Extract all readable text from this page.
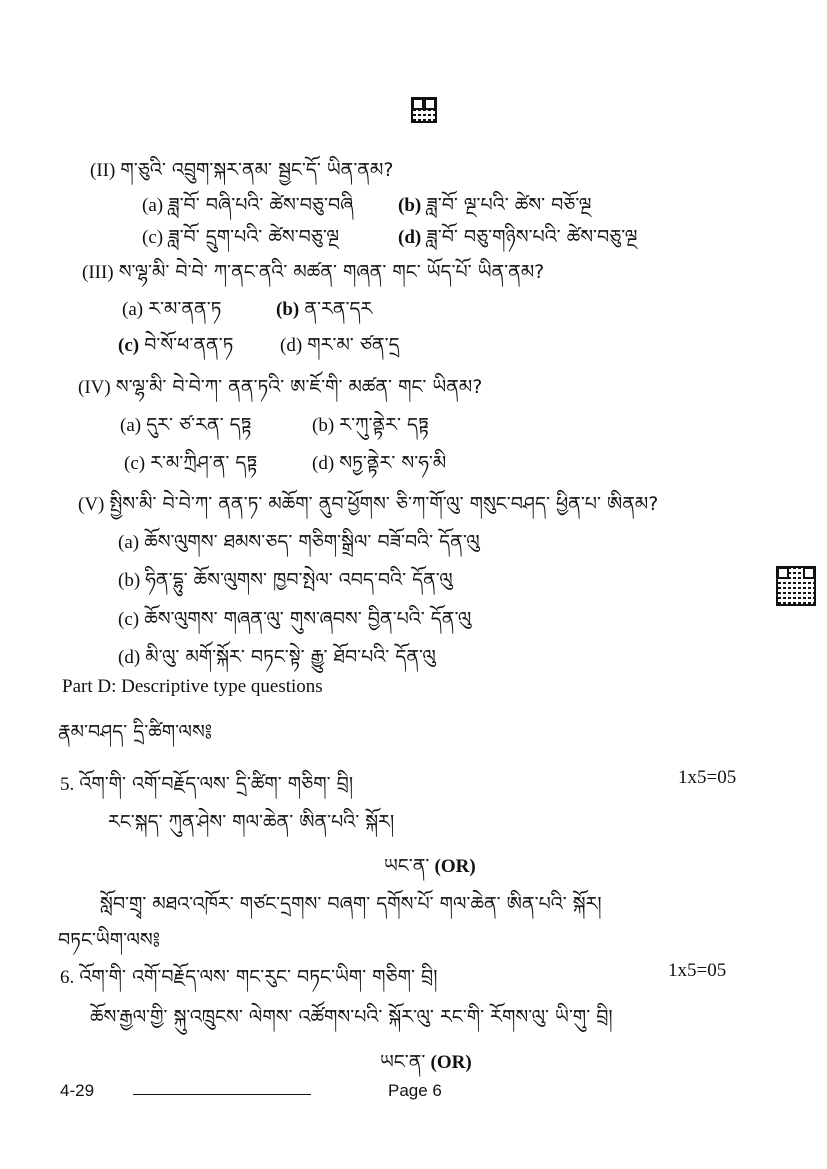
(II) ག་ཅུའི་ འབྲུག་སྐར་ནམ་ སྦྱང་དོ་ ཡིན་ནམ?
(a) ཟླ་བོ་ བཞི་པའི་ ཚེས་བཅུ་བཞི (b) ཟླ་བོ་ ལྔ་པའི་ ཚེས་ བཅོ་ལྔ
(c) ཟླ་བོ་ དྲུག་པའི་ ཚེས་བཅུ་ལྔ	(d) ཟླ་བོ་ བཅུ་གཉིས་པའི་ ཚེས་བཅུ་ལྔ
(III) ས་ལྷ་མི་ བེ་བེ་ ཀ་ནང་ནའི་ མཚན་ གཞན་ གང་ ཡོད་པོ་ ཡིན་ནམ?
(a) ར་མ་ནན་ཏ	(b) ན་རན་དར
(c) བེ་སོ་ཕ་ནན་ཏ (d) གར་མ་ ཙན་དྲ
(IV) ས་ལྷ་མི་ བེ་བེ་ཀ་ ནན་ཏའི་ ཨ་ཇོ་གི་ མཚན་ གང་ ཡིནམ?
(a) དུར་ ཙ་རན་ དཏྟ	(b) ར་ཀུ་ནྟེར་ དཏྟ
(c) ར་མ་ཀྲིཤ་ན་ དཏྟ	(d) སཏྱ་ནྟེར་ ས་ཧ་མི
(V) སྤྱིས་མི་ བེ་བེ་ཀ་ ནན་ཏ་ མཆོག་ ནུབ་ཕྱོགས་ ཅི་ཀ་གོ་ལུ་ གསུང་བཤད་ ཕྱིན་པ་ ཨིནམ?
(a) ཆོས་ལུགས་ ཐམས་ཅད་ གཅིག་སྒྲིལ་ བཟོ་བའི་ དོན་ལུ
(b) ཧིན་དྷུ་ ཆོས་ལུགས་ ཁྱབ་སྤེལ་ འབད་བའི་ དོན་ལུ
(c) ཆོས་ལུགས་ གཞན་ལུ་ གུས་ཞབས་ བྱིན་པའི་ དོན་ལུ
(d) མི་ལུ་ མགོ་སྐོར་ བཏང་སྟེ་ རྒྱུ་ ཐོབ་པའི་ དོན་ལུ
Part D: Descriptive type questions
རྣམ་བཤད་ དྲི་ཚིག་ལས༔
5. འོག་གི་ འགོ་བརྗོད་ལས་ དྲི་ཚིག་ གཅིག་ བྲི།	1x5=05
རང་སྐད་ ཀུན་ཤེས་ གལ་ཆེན་ ཨིན་པའི་ སྐོར།
ཡང་ན་ (OR)
སློབ་གྲྭ་ མཐའ་འཁོར་ གཙང་དྲགས་ བཞག་ དགོས་པོ་ གལ་ཆེན་ ཨིན་པའི་ སྐོར།
བཏང་ཡིག་ལས༔
6. འོག་གི་ འགོ་བརྗོད་ལས་ གང་རུང་ བཏང་ཡིག་ གཅིག་ བྲི།	1x5=05
ཆོས་རྒྱལ་གྱི་ སྐུ་འཁྲུངས་ ལེགས་ འཚོགས་པའི་ སྐོར་ལུ་ རང་གི་ རོགས་ལུ་ ཡི་གུ་ བྲི།
ཡང་ན་ (OR)
4-29	Page 6
